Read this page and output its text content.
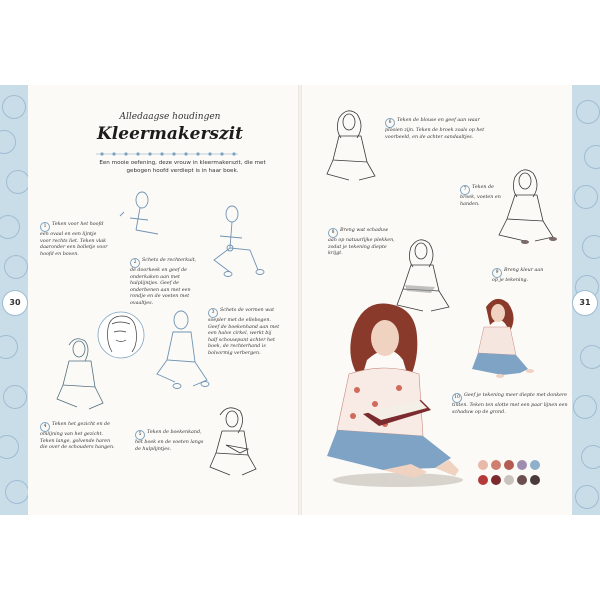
30	31
Alledaagse houdingen
Kleermakerszit
Een mooie oefening, deze vrouw in kleermakerszit, die met gebogen hoofd verdiept is in haar boek.
1 Teken voor het hoofd een ovaal en een lijntje voor rechts liet. Teken vlak daaronder een bolletje voor hoofd en boven.
2 Schets de rechterkuit, de doorkeek en geef de onderkaken aan met hulplijntjes. Geef de onderbenen aan met een rondje en de voeten met ovaaltjes.
3 Schets de vormen wat soepler met de ellebogen. Geef de boekenhand aan met een halve cirkel, werkt bij half schouwpunt achter het boek, de rechterhand is bolvormig verbergen.
4 Teken het gezicht en de omlijning van het gezicht. Teken lange, golvende haren die over de schouders hangen.
5 Teken de boekenkand, het boek en de voeten langs de hulplijntjes.
6 Teken de blouse en geef aan waar plooien zijn. Teken de broek zoals op het voorbeeld, en de achter sandaaltjes.
7 Teken de broek, voeten en handen.
8 Breng wat schaduw aan op natuurlijke plekken, zodat je tekening diepte krijgt.
9 Breng kleur aan op je tekening.
10 Geef je tekening meer diepte met donkere tinten. Teken ten slotte met een paar lijnen een schaduw op de grond.
